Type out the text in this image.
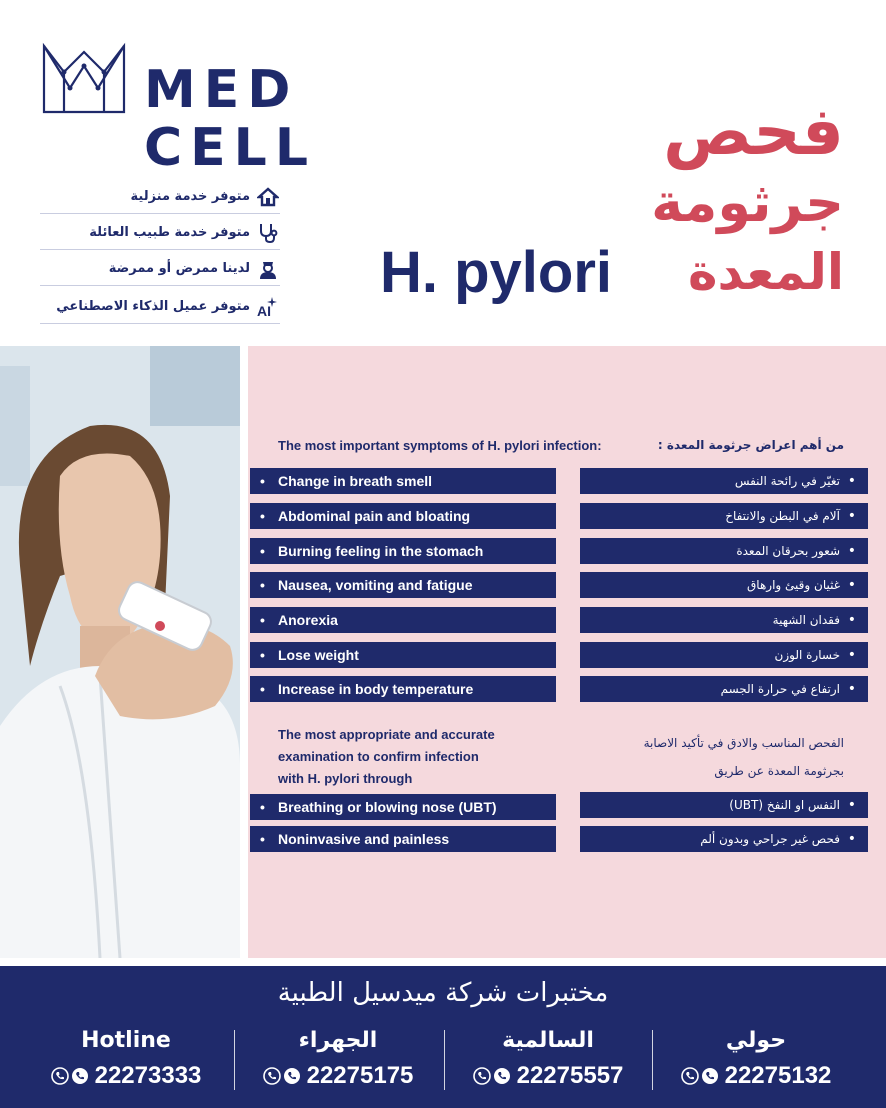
MED
CELL
متوفر خدمة منزلية
متوفر خدمة طبيب العائلة
لدينا ممرض أو ممرضة
متوفر عميل الذكاء الاصطناعي AI
فحص
جرثومة
المعدة
H. pylori
The most important symptoms of H. pylori infection:	من أهم اعراض جرثومة المعدة :
• Change in breath smell
• Abdominal pain and bloating
• Burning feeling in the stomach
• Nausea, vomiting and fatigue
• Anorexia
• Lose weight
• Increase in body temperature
• تغيّر في رائحة النفس
• آلام في البطن والانتفاخ
• شعور بحرقان المعدة
• غثيان وقيئ وارهاق
• فقدان الشهية
• خسارة الوزن
• ارتفاع في حرارة الجسم
The most appropriate and accurate
examination to confirm infection
with H. pylori through
الفحص المناسب والادق في تأكيد الاصابة
بجرثومة المعدة عن طريق
• Breathing or blowing nose (UBT)
• Noninvasive and painless
• النفس او النفخ (UBT)
• فحص غير جراحي وبدون ألم
مختبرات شركة ميدسيل الطبية
Hotline
22273333
الجهراء
22275175
السالمية
22275557
حولي
22275132
